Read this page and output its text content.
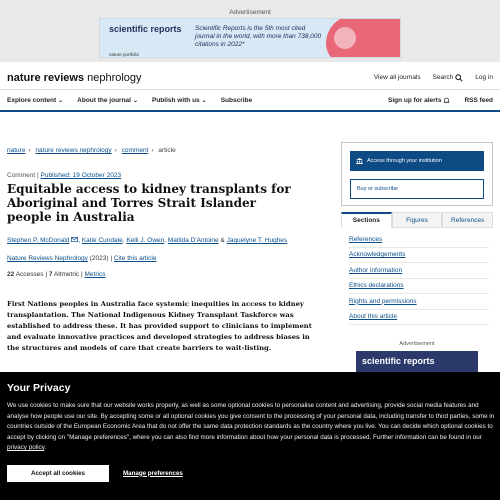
Advertisement
scientific reports
nature portfolio
Scientific Reports is the 5th most cited journal in the world, with more than 738,000 citations in 2022*
nature reviews nephrology	View all journals Search	Log in
Explore content ⌄ About the journal ⌄ Publish with us ⌄ Subscribe	Sign up for alerts	RSS feed
nature › nature reviews nephrology › comment › article
Comment | Published: 19 October 2023
Equitable access to kidney transplants for Aboriginal and Torres Strait Islander people in Australia
Stephen P. McDonald , Katie Cundale, Kelli J. Owen, Matilda D'Antoine & Jaquelyne T. Hughes
Nature Reviews Nephrology (2023) | Cite this article
22 Accesses | 7 Altmetric | Metrics

First Nations peoples in Australia face systemic inequities in access to kidney transplantation. The National Indigenous Kidney Transplant Taskforce was established to address these. It has provided support to clinicians to implement and evaluate innovative practices and developed strategies to address biases in the structures and models of care that create barriers to wait-listing.

Access through your institution
Buy or subscribe
Sections	Figures	References
References
Acknowledgements
Author information
Ethics declarations
Rights and permissions
About this article
Advertisement
scientific reports
Your Privacy

We use cookies to make sure that our website works properly, as well as some optional cookies to personalise content and advertising, provide social media features and analyse how people use our site. By accepting some or all optional cookies you give consent to the processing of your personal data, including transfer to third parties, some in countries outside of the European Economic Area that do not offer the same data protection standards as the country where you live. You can decide which optional cookies to accept by clicking on "Manage preferences", where you can also find more information about how your personal data is processed. Further information can be found in our privacy policy.

Accept all cookies	Manage preferences
